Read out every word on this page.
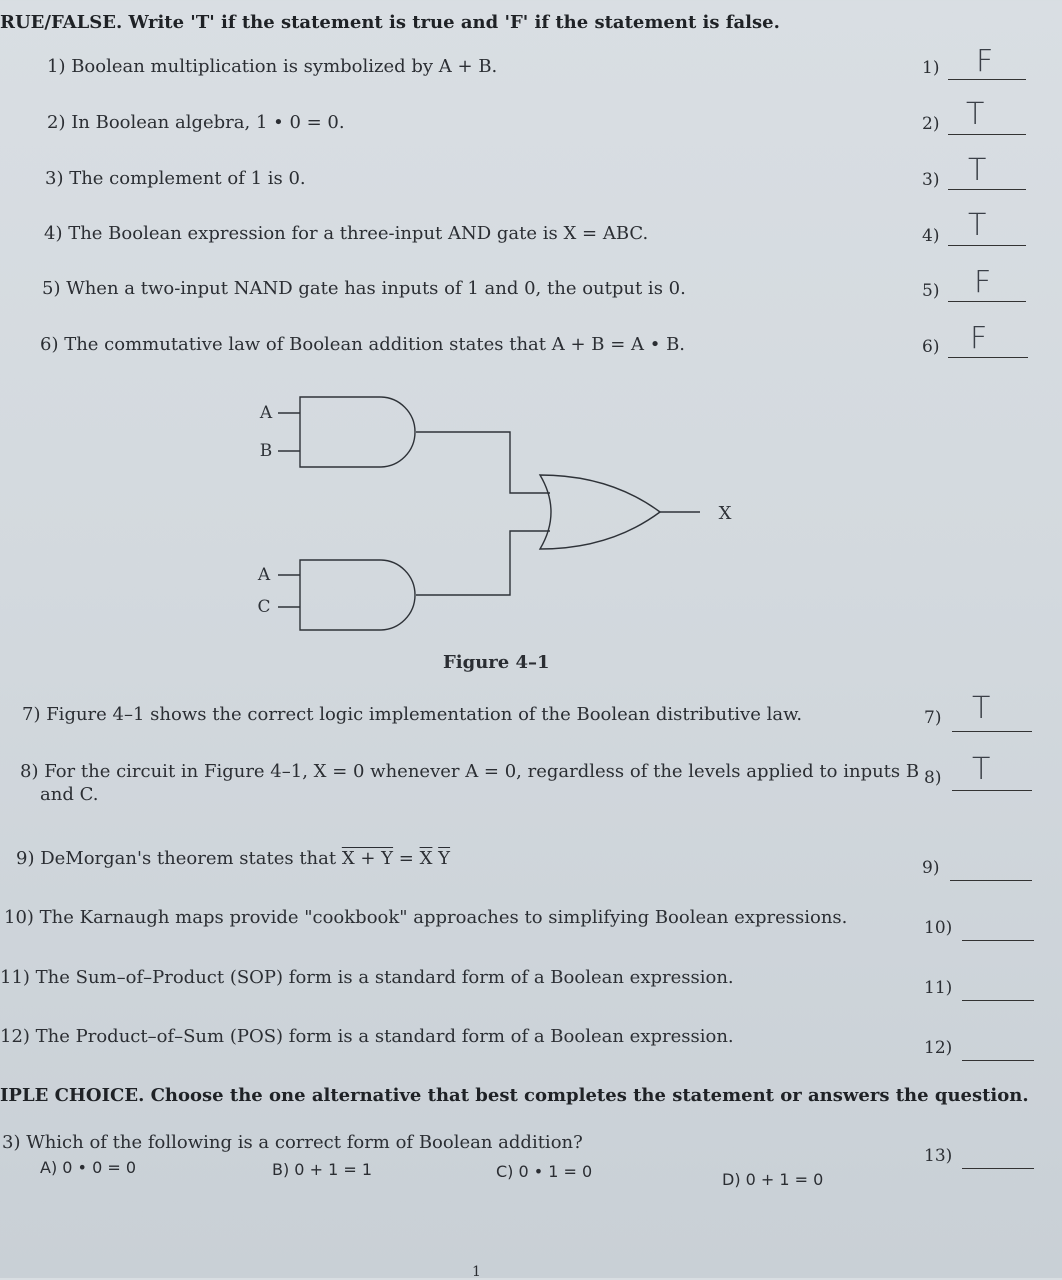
RUE/FALSE. Write 'T' if the statement is true and 'F' if the statement is false.
1) Boolean multiplication is symbolized by A + B.	1) F
2) In Boolean algebra, 1 • 0 = 0.	2) T
3) The complement of 1 is 0.	3) T
4) The Boolean expression for a three-input AND gate is X = ABC.	4) T
5) When a two-input NAND gate has inputs of 1 and 0, the output is 0.	5) F
6) The commutative law of Boolean addition states that A + B = A • B.	6) F
A
B
A
C
X
Figure 4–1
7) Figure 4–1 shows the correct logic implementation of the Boolean distributive law.	7) T
8) For the circuit in Figure 4–1, X = 0 whenever A = 0, regardless of the levels applied to inputs B
and C.
8) T
9) DeMorgan's theorem states that $X + Y = \overline{X}$ $\overline{Y}$	9)
10) The Karnaugh maps provide "cookbook" approaches to simplifying Boolean expressions.	10)
11) The Sum–of–Product (SOP) form is a standard form of a Boolean expression.	11)
12) The Product–of–Sum (POS) form is a standard form of a Boolean expression.
12)
IPLE CHOICE. Choose the one alternative that best completes the statement or answers the question.
3) Which of the following is a correct form of Boolean addition?
13)
A) 0 • 0 = 0	B) 0 + 1 = 1	C) 0 • 1 = 0	D) 0 + 1 = 0
1
